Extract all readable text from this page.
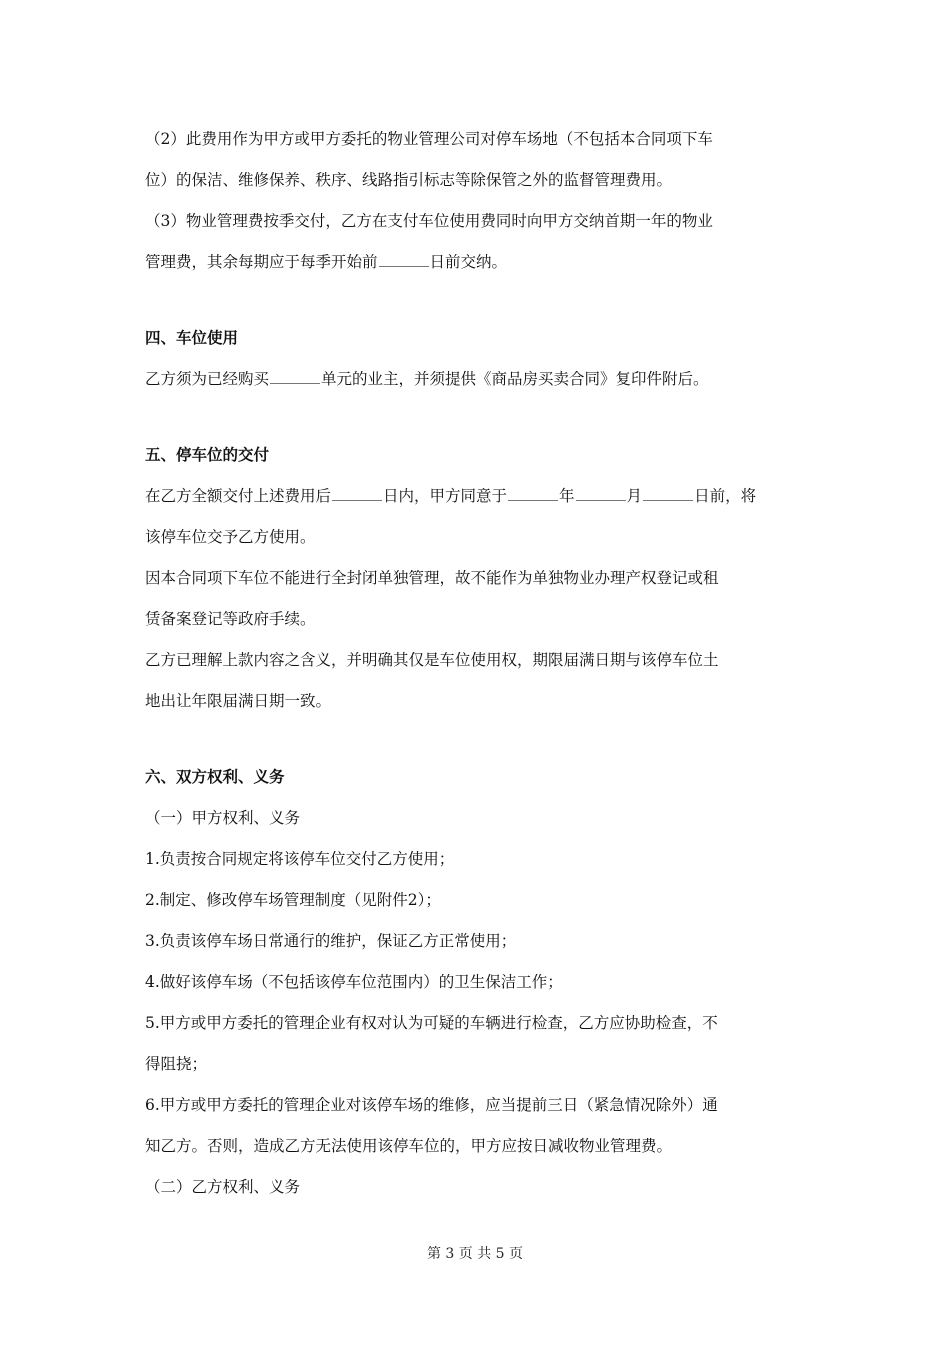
（2）此费用作为甲方或甲方委托的物业管理公司对停车场地（不包括本合同项下车

位）的保洁、维修保养、秩序、线路指引标志等除保管之外的监督管理费用。

（3）物业管理费按季交付，乙方在支付车位使用费同时向甲方交纳首期一年的物业

管理费，其余每期应于每季开始前	日前交纳。

四、车位使用

乙方须为已经购买	单元的业主，并须提供《商品房买卖合同》复印件附后。

五、停车位的交付

在乙方全额交付上述费用后	日内，甲方同意于	年	月	日前，将

该停车位交予乙方使用。

因本合同项下车位不能进行全封闭单独管理，故不能作为单独物业办理产权登记或租

赁备案登记等政府手续。

乙方已理解上款内容之含义，并明确其仅是车位使用权，期限届满日期与该停车位土

地出让年限届满日期一致。

六、双方权利、义务

（一）甲方权利、义务

1.负责按合同规定将该停车位交付乙方使用；

2.制定、修改停车场管理制度（见附件2）；

3.负责该停车场日常通行的维护，保证乙方正常使用；

4.做好该停车场（不包括该停车位范围内）的卫生保洁工作；

5.甲方或甲方委托的管理企业有权对认为可疑的车辆进行检查，乙方应协助检查，不

得阻挠；

6.甲方或甲方委托的管理企业对该停车场的维修，应当提前三日（紧急情况除外）通

知乙方。否则，造成乙方无法使用该停车位的，甲方应按日减收物业管理费。

（二）乙方权利、义务

第 3 页 共 5 页
